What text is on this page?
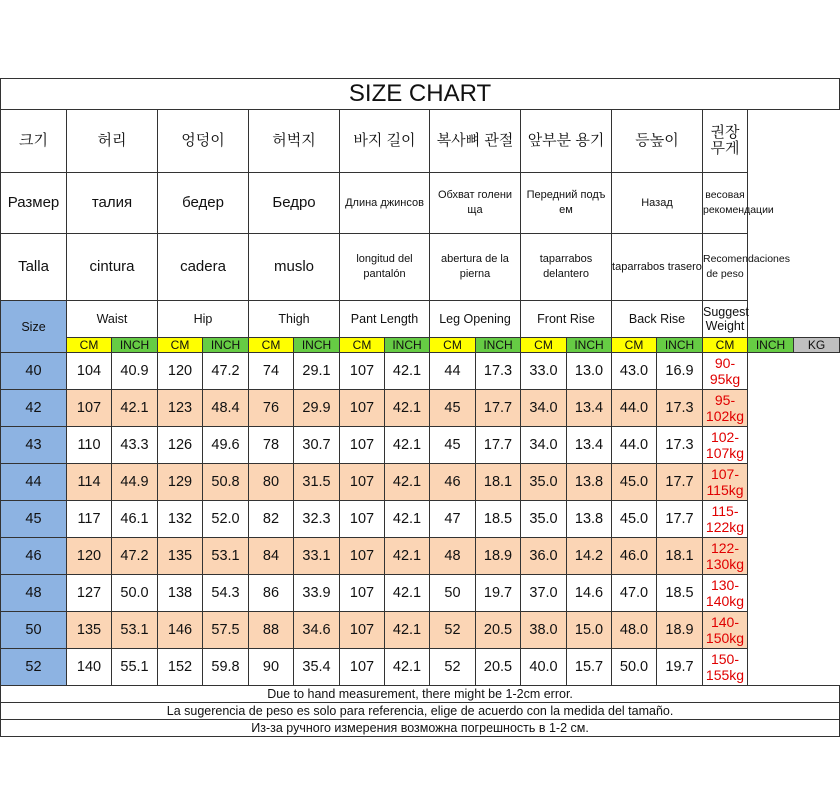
SIZE CHART																	
크기	허리		엉덩이		허벅지		바지 길이		복사뼈 관절		앞부분 용기		등높이		권장 무게		
Размер	талия		бедер		Бедро		Длина джинсов		Обхват голени ща		Передний подъ ем		Назад		весовая рекомендации		
Talla	cintura		cadera		muslo		longitud del pantalón		abertura de la pierna		taparrabos delantero		taparrabos trasero		Recomendaciones de peso		
Size	Waist		Hip		Thigh		Pant Length		Leg Opening		Front Rise		Back Rise		Suggest Weight		
	CM	INCH	CM	INCH	CM	INCH	CM	INCH	CM	INCH	CM	INCH	CM	INCH	CM	INCH	KG
40	104	40.9	120	47.2	74	29.1	107	42.1	44	17.3	33.0	13.0	43.0	16.9	90-95kg		
42	107	42.1	123	48.4	76	29.9	107	42.1	45	17.7	34.0	13.4	44.0	17.3	95-102kg		
43	110	43.3	126	49.6	78	30.7	107	42.1	45	17.7	34.0	13.4	44.0	17.3	102-107kg		
44	114	44.9	129	50.8	80	31.5	107	42.1	46	18.1	35.0	13.8	45.0	17.7	107-115kg		
45	117	46.1	132	52.0	82	32.3	107	42.1	47	18.5	35.0	13.8	45.0	17.7	115-122kg		
46	120	47.2	135	53.1	84	33.1	107	42.1	48	18.9	36.0	14.2	46.0	18.1	122-130kg		
48	127	50.0	138	54.3	86	33.9	107	42.1	50	19.7	37.0	14.6	47.0	18.5	130-140kg		
50	135	53.1	146	57.5	88	34.6	107	42.1	52	20.5	38.0	15.0	48.0	18.9	140-150kg		
52	140	55.1	152	59.8	90	35.4	107	42.1	52	20.5	40.0	15.7	50.0	19.7	150-155kg		
Due to hand measurement, there might be 1-2cm error.																	
La sugerencia de peso es solo para referencia, elige de acuerdo con la medida del tamaño.																	
Из-за ручного измерения возможна погрешность в 1-2 см.																	
